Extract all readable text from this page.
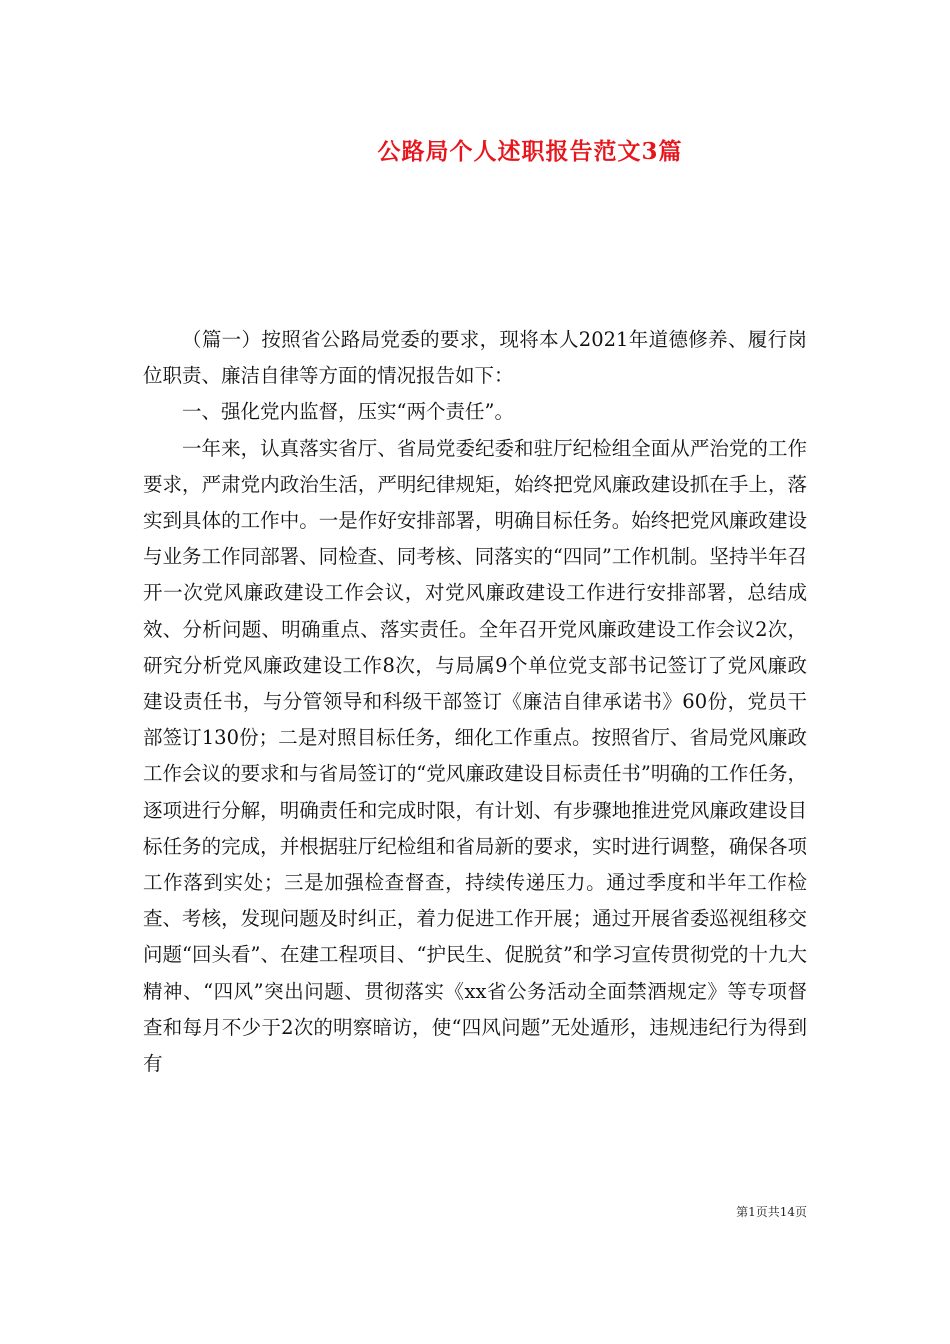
公路局个人述职报告范文3篇

（篇一）按照省公路局党委的要求，现将本人2021年道德修养、履行岗位职责、廉洁自律等方面的情况报告如下：

一、强化党内监督，压实“两个责任”。

一年来，认真落实省厅、省局党委纪委和驻厅纪检组全面从严治党的工作要求，严肃党内政治生活，严明纪律规矩，始终把党风廉政建设抓在手上，落实到具体的工作中。一是作好安排部署，明确目标任务。始终把党风廉政建设与业务工作同部署、同检查、同考核、同落实的“四同”工作机制。坚持半年召开一次党风廉政建设工作会议，对党风廉政建设工作进行安排部署，总结成效、分析问题、明确重点、落实责任。全年召开党风廉政建设工作会议2次，研究分析党风廉政建设工作8次，与局属9个单位党支部书记签订了党风廉政建设责任书，与分管领导和科级干部签订《廉洁自律承诺书》60份，党员干部签订130份；二是对照目标任务，细化工作重点。按照省厅、省局党风廉政工作会议的要求和与省局签订的“党风廉政建设目标责任书”明确的工作任务，逐项进行分解，明确责任和完成时限，有计划、有步骤地推进党风廉政建设目标任务的完成，并根据驻厅纪检组和省局新的要求，实时进行调整，确保各项工作落到实处；三是加强检查督查，持续传递压力。通过季度和半年工作检查、考核，发现问题及时纠正，着力促进工作开展；通过开展省委巡视组移交问题“回头看”、在建工程项目、“护民生、促脱贫”和学习宣传贯彻党的十九大精神、“四风”突出问题、贯彻落实《xx省公务活动全面禁酒规定》等专项督查和每月不少于2次的明察暗访，使“四风问题”无处遁形，违规违纪行为得到有

第1页共14页
